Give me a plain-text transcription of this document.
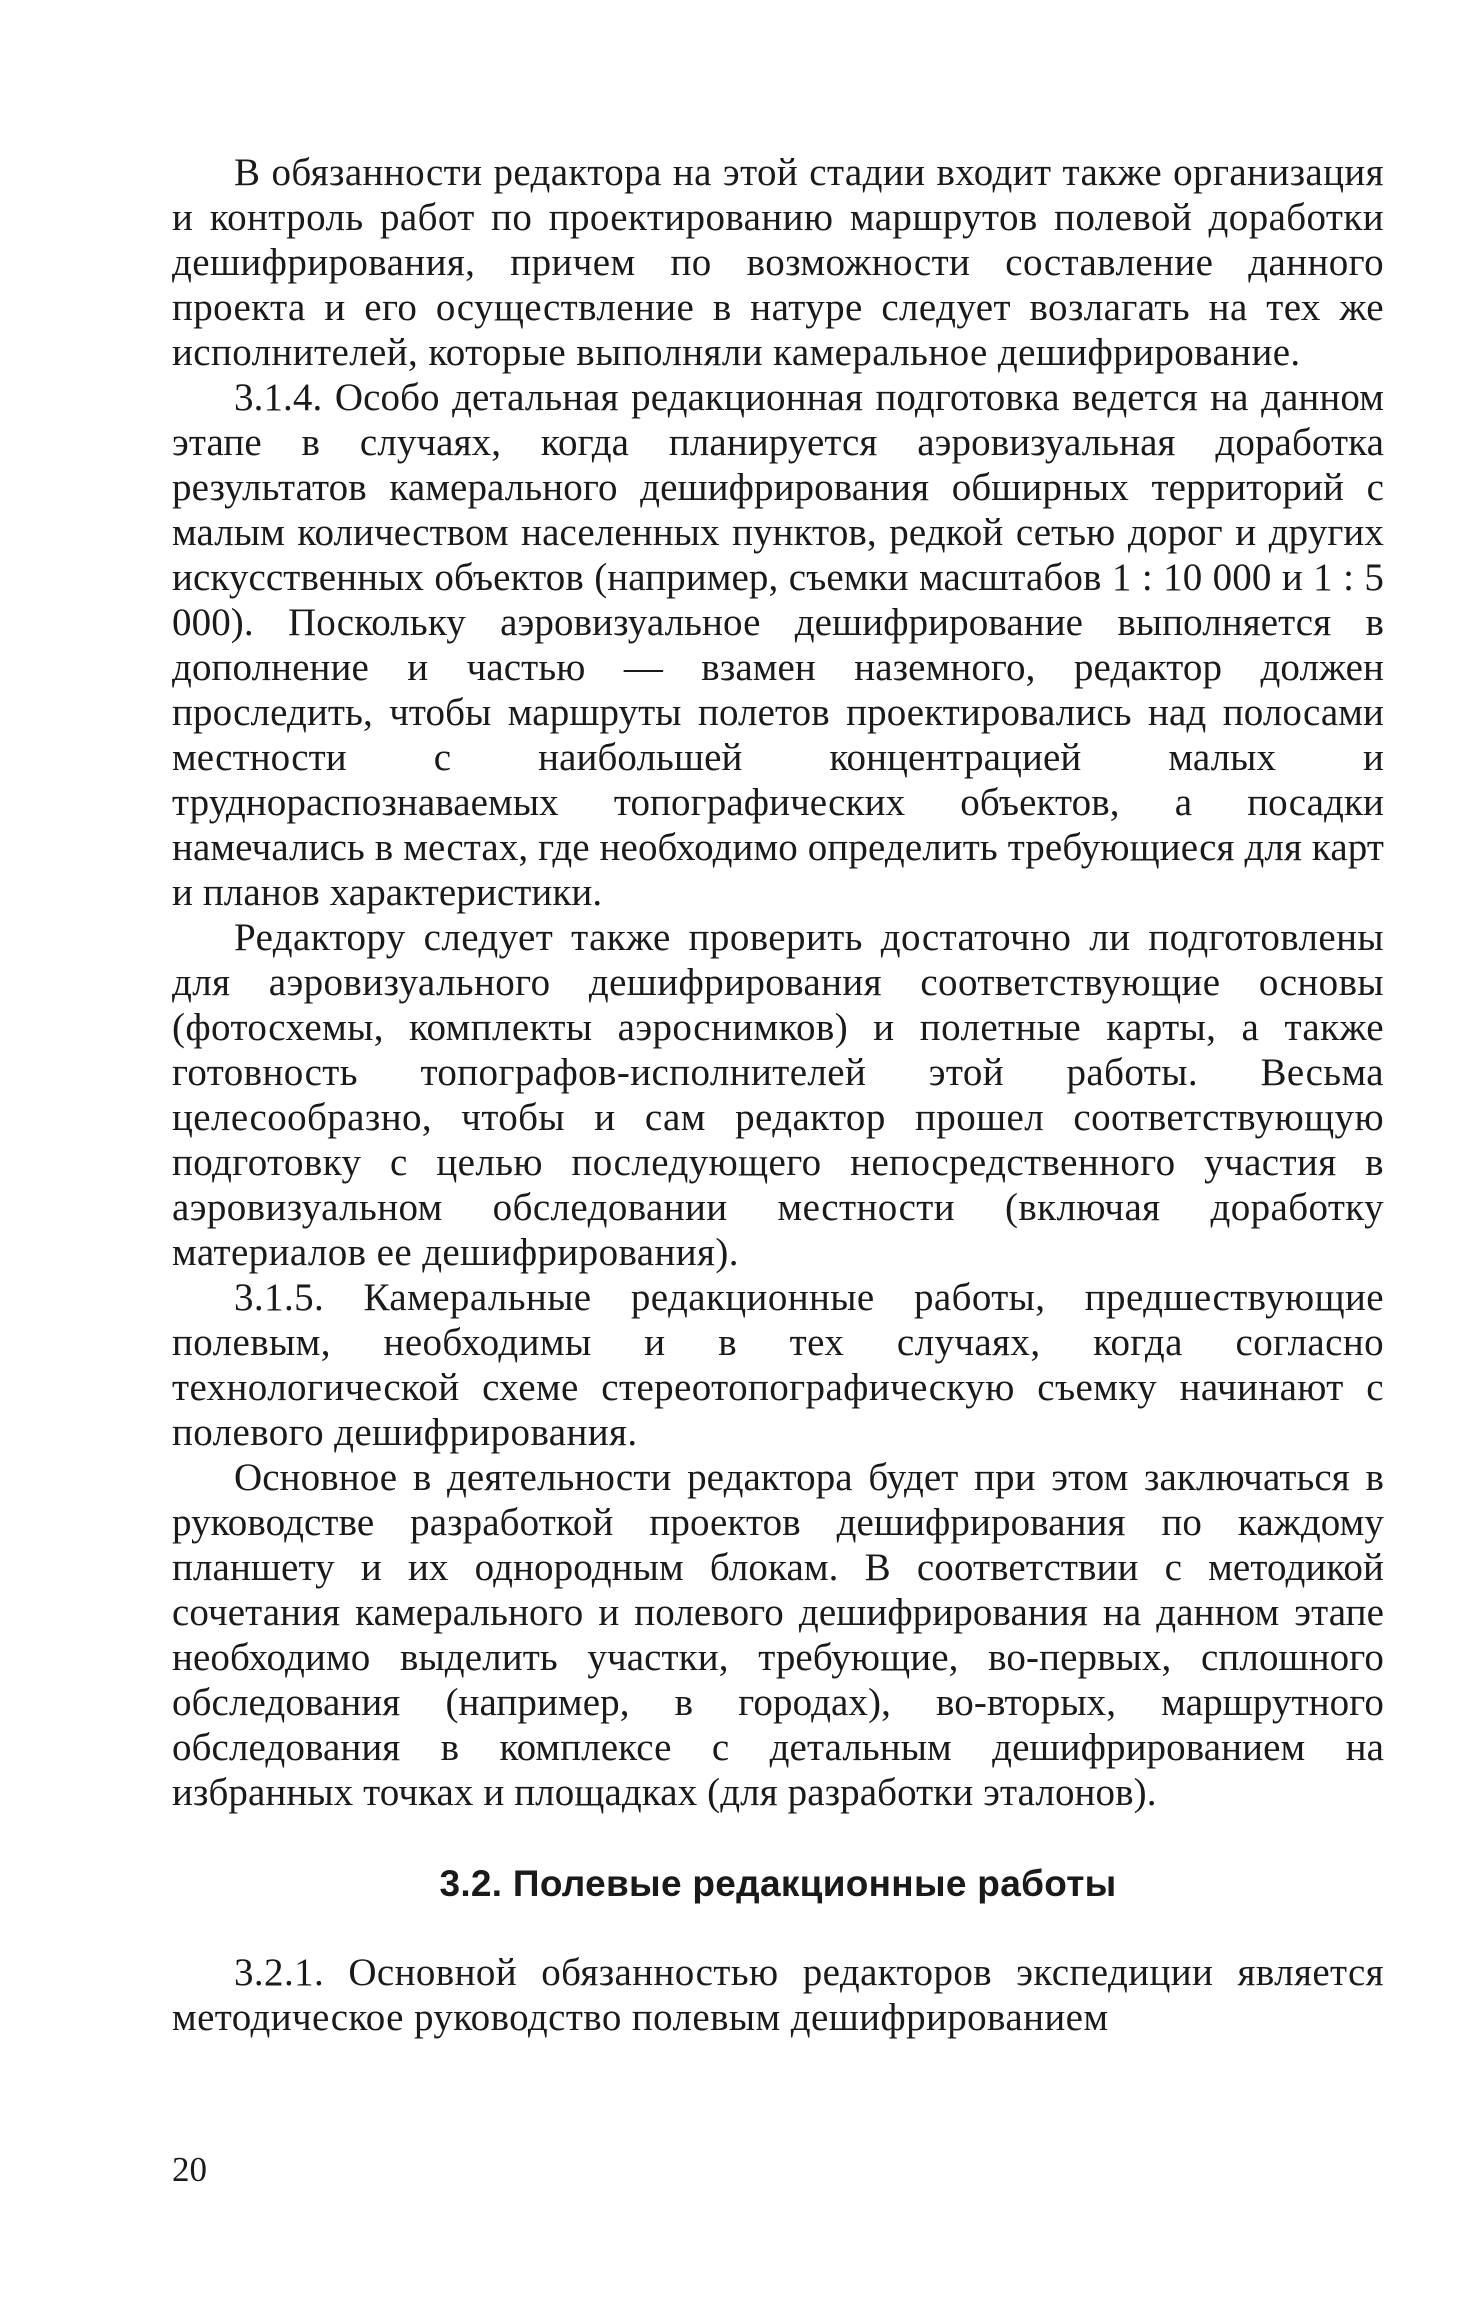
В обязанности редактора на этой стадии входит также организация и контроль работ по проектированию маршрутов полевой доработки дешифрирования, причем по возможности составление данного проекта и его осуществление в натуре следует возлагать на тех же исполнителей, которые выполняли камеральное дешифрирование.

3.1.4. Особо детальная редакционная подготовка ведется на данном этапе в случаях, когда планируется аэровизуальная доработка результатов камерального дешифрирования обширных территорий с малым количеством населенных пунктов, редкой сетью дорог и других искусственных объектов (например, съемки масштабов 1 : 10 000 и 1 : 5 000). Поскольку аэровизуальное дешифрирование выполняется в дополнение и частью — взамен наземного, редактор должен проследить, чтобы маршруты полетов проектировались над полосами местности с наибольшей концентрацией малых и труднораспознаваемых топографических объектов, а посадки намечались в местах, где необходимо определить требующиеся для карт и планов характеристики.

Редактору следует также проверить достаточно ли подготовлены для аэровизуального дешифрирования соответствующие основы (фотосхемы, комплекты аэроснимков) и полетные карты, а также готовность топографов-исполнителей этой работы. Весьма целесообразно, чтобы и сам редактор прошел соответствующую подготовку с целью последующего непосредственного участия в аэровизуальном обследовании местности (включая доработку материалов ее дешифрирования).

3.1.5. Камеральные редакционные работы, предшествующие полевым, необходимы и в тех случаях, когда согласно технологической схеме стереотопографическую съемку начинают с полевого дешифрирования.

Основное в деятельности редактора будет при этом заключаться в руководстве разработкой проектов дешифрирования по каждому планшету и их однородным блокам. В соответствии с методикой сочетания камерального и полевого дешифрирования на данном этапе необходимо выделить участки, требующие, во-первых, сплошного обследования (например, в городах), во-вторых, маршрутного обследования в комплексе с детальным дешифрированием на избранных точках и площадках (для разработки эталонов).

3.2. Полевые редакционные работы

3.2.1. Основной обязанностью редакторов экспедиции является методическое руководство полевым дешифрированием

20
